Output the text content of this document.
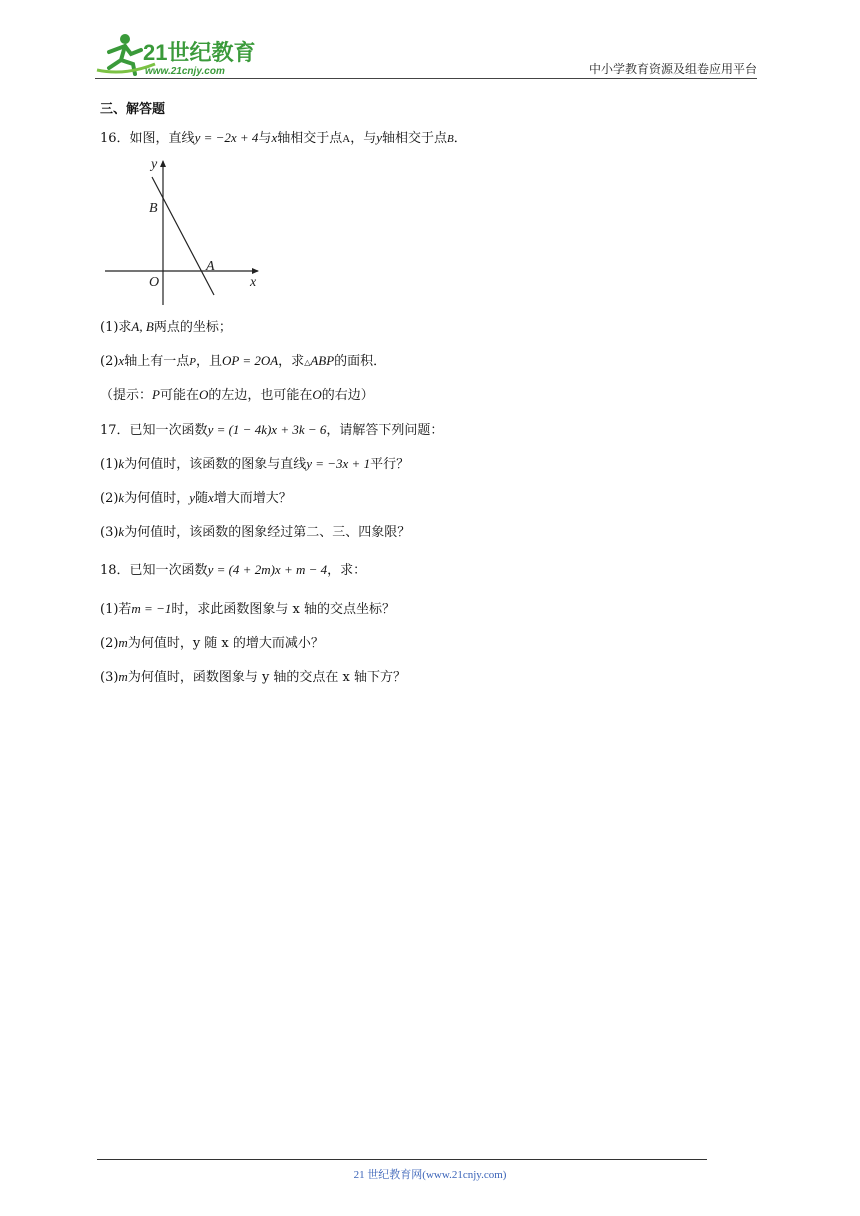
21世纪教育
www.21cnjy.com	中小学教育资源及组卷应用平台
三、解答题
16．如图，直线y = −2x + 4与x轴相交于点A，与y轴相交于点B．
(1)求A, B两点的坐标；
(2)x轴上有一点P，且OP = 2OA，求△ABP的面积．
（提示：P可能在O的左边，也可能在O的右边）
17．已知一次函数y = (1 − 4k)x + 3k − 6，请解答下列问题：
(1)k为何值时，该函数的图象与直线y = −3x + 1平行？
(2)k为何值时，y随x增大而增大？
(3)k为何值时，该函数的图象经过第二、三、四象限？
18．已知一次函数y = (4 + 2m)x + m − 4，求：
(1)若m = −1时，求此函数图象与 x 轴的交点坐标？
(2)m为何值时，y 随 x 的增大而减小？
(3)m为何值时，函数图象与 y 轴的交点在 x 轴下方？
y
x
O
B
A
21 世纪教育网(www.21cnjy.com)
